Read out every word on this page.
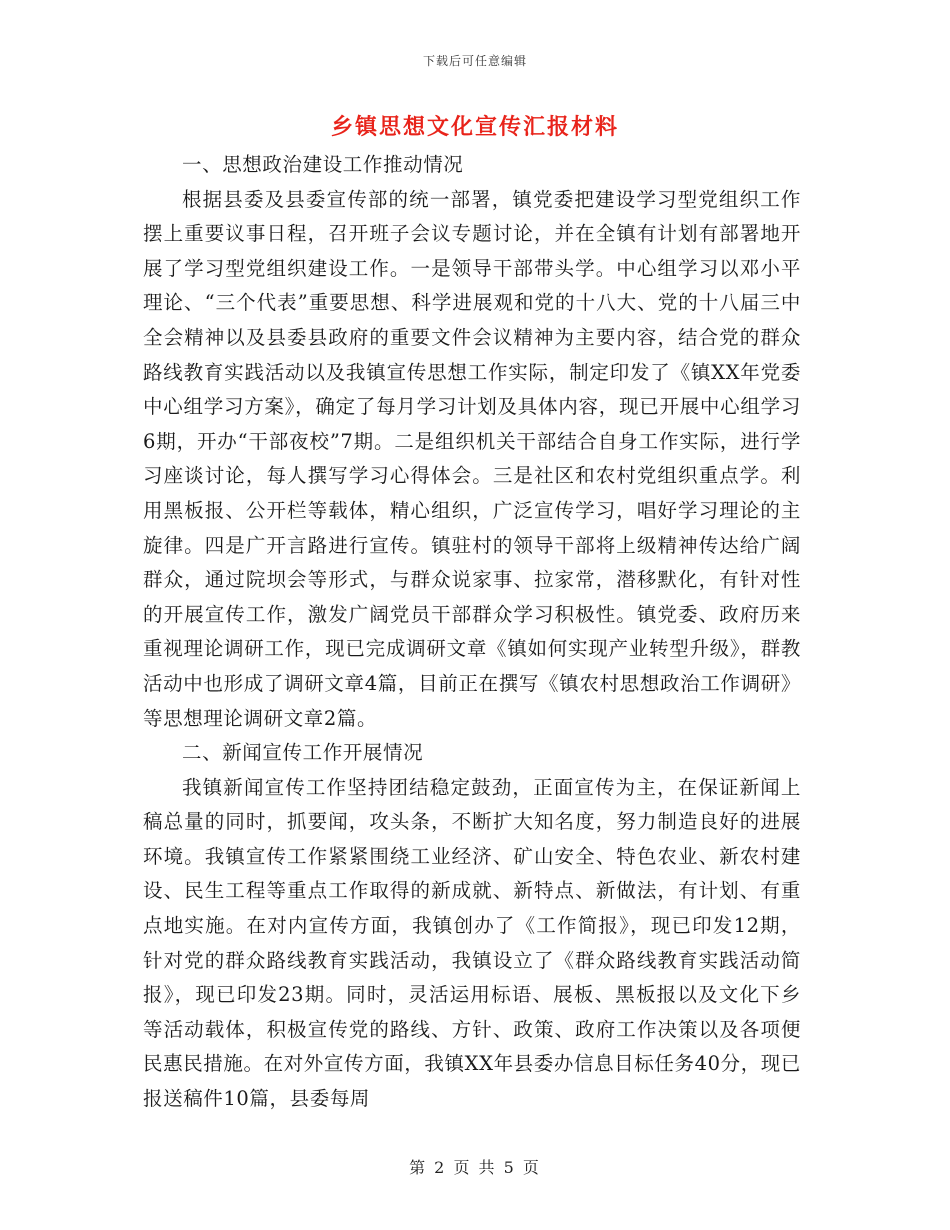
下载后可任意编辑
乡镇思想文化宣传汇报材料

一、思想政治建设工作推动情况

根据县委及县委宣传部的统一部署，镇党委把建设学习型党组织工作摆上重要议事日程，召开班子会议专题讨论，并在全镇有计划有部署地开展了学习型党组织建设工作。一是领导干部带头学。中心组学习以邓小平理论、“三个代表”重要思想、科学进展观和党的十八大、党的十八届三中全会精神以及县委县政府的重要文件会议精神为主要内容，结合党的群众路线教育实践活动以及我镇宣传思想工作实际，制定印发了《镇XX年党委中心组学习方案》，确定了每月学习计划及具体内容，现已开展中心组学习6期，开办“干部夜校”7期。二是组织机关干部结合自身工作实际，进行学习座谈讨论，每人撰写学习心得体会。三是社区和农村党组织重点学。利用黑板报、公开栏等载体，精心组织，广泛宣传学习，唱好学习理论的主旋律。四是广开言路进行宣传。镇驻村的领导干部将上级精神传达给广阔群众，通过院坝会等形式，与群众说家事、拉家常，潜移默化，有针对性的开展宣传工作，激发广阔党员干部群众学习积极性。镇党委、政府历来重视理论调研工作，现已完成调研文章《镇如何实现产业转型升级》，群教活动中也形成了调研文章4篇，目前正在撰写《镇农村思想政治工作调研》等思想理论调研文章2篇。

二、新闻宣传工作开展情况

我镇新闻宣传工作坚持团结稳定鼓劲，正面宣传为主，在保证新闻上稿总量的同时，抓要闻，攻头条，不断扩大知名度，努力制造良好的进展环境。我镇宣传工作紧紧围绕工业经济、矿山安全、特色农业、新农村建设、民生工程等重点工作取得的新成就、新特点、新做法，有计划、有重点地实施。在对内宣传方面，我镇创办了《工作简报》，现已印发12期，针对党的群众路线教育实践活动，我镇设立了《群众路线教育实践活动简报》，现已印发23期。同时，灵活运用标语、展板、黑板报以及文化下乡等活动载体，积极宣传党的路线、方针、政策、政府工作决策以及各项便民惠民措施。在对外宣传方面，我镇XX年县委办信息目标任务40分，现已报送稿件10篇，县委每周

第 2 页 共 5 页
